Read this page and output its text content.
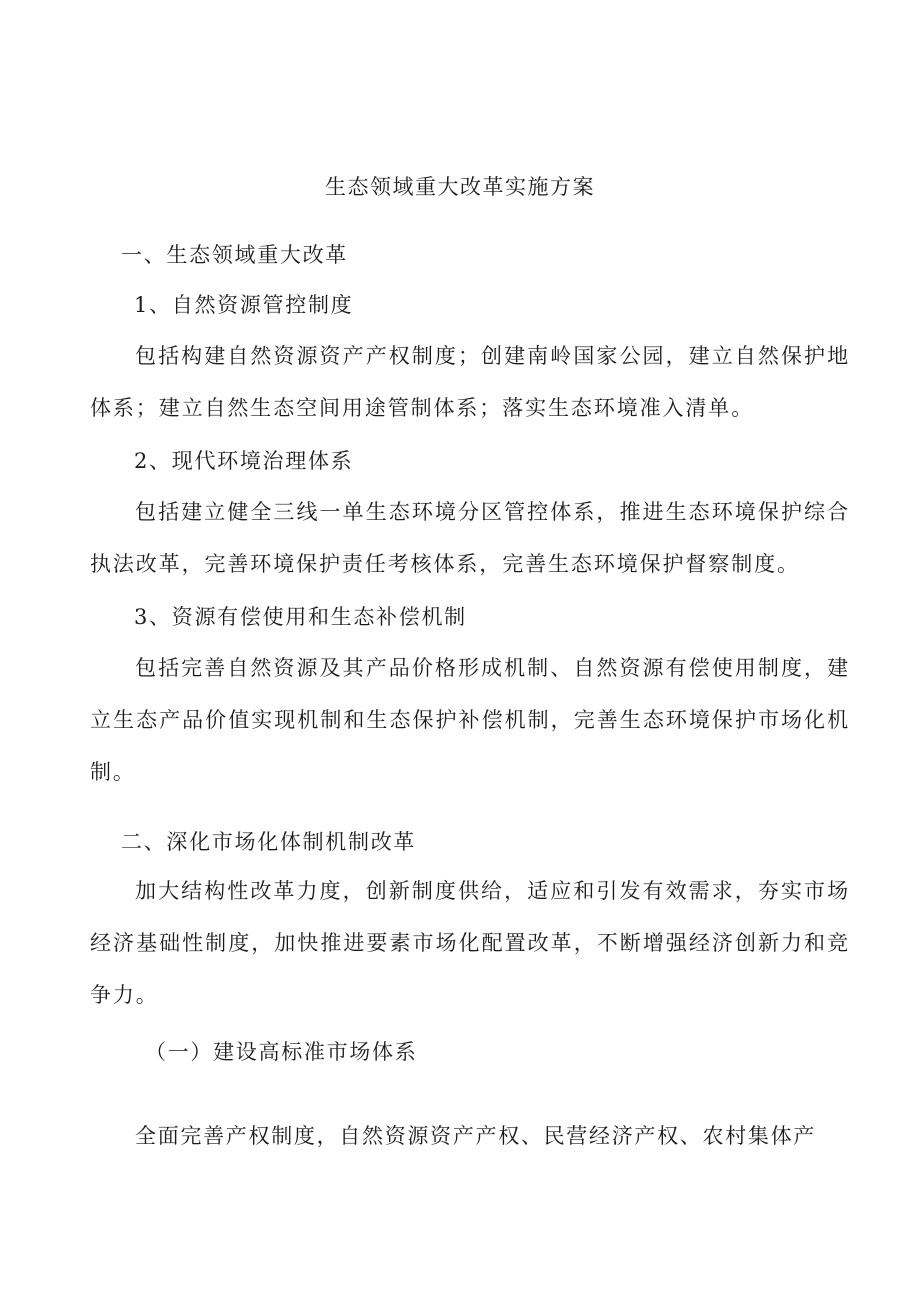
生态领域重大改革实施方案
一、生态领域重大改革
1、自然资源管控制度
包括构建自然资源资产产权制度；创建南岭国家公园，建立自然保护地体系；建立自然生态空间用途管制体系；落实生态环境准入清单。
2、现代环境治理体系
包括建立健全三线一单生态环境分区管控体系，推进生态环境保护综合执法改革，完善环境保护责任考核体系，完善生态环境保护督察制度。
3、资源有偿使用和生态补偿机制
包括完善自然资源及其产品价格形成机制、自然资源有偿使用制度，建立生态产品价值实现机制和生态保护补偿机制，完善生态环境保护市场化机制。
二、深化市场化体制机制改革
加大结构性改革力度，创新制度供给，适应和引发有效需求，夯实市场经济基础性制度，加快推进要素市场化配置改革，不断增强经济创新力和竞争力。
（一）建设高标准市场体系
全面完善产权制度，自然资源资产产权、民营经济产权、农村集体产
